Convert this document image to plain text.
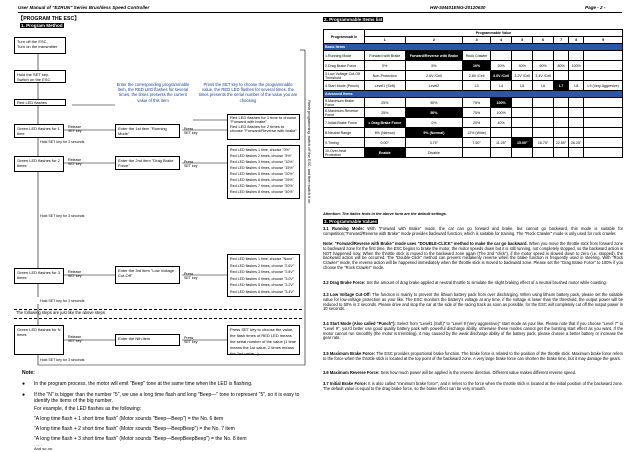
User Manual of "EZRUN" Series Brushless Speed Controller	HW-SM401ENG-20120630	Page - 2 -
【PROGRAM THE ESC】
1. Program Method
Turn off the ESC,
Turn on the transmitter
Hold the SET key,
Switch on the ESC
Red LED flashes
Enter the corresponding programmable item, the RED LED flashes for several times, the times presents the current value of this item
Press the SET key to choose the programmable value, the RED LED flashes for several times, the times presents the serial number of the value you are choosing
Green LED flashes for 1 time
Release SET key
Enter the 1st item "Running Mode"
Press SET key
Red LED flashes for 1 time to choose "Forward with brake"
Red LED flashes for 2 times to choose "Forward/Reverse with brake"
Hold SET key for 3 seconds
Green LED flashes for 2 times
Release SET key
Enter the 2nd item "Drag Brake Force"
Press SET key
Red LED flashes 1 time, choose "0%"
Red LED flashes 2 times, choose "5%"
Red LED flashes 3 times, choose "10%"
Red LED flashes 4 times, choose "15%"
Red LED flashes 5 times, choose "20%"
Red LED flashes 6 times, choose "25%"
Red LED flashes 7 times, choose "30%"
Red LED flashes 8 times, choose "40%"
Hold SET key for 3 seconds
Green LED flashes for 3 times
Release SET key
Enter the 3rd item "Low Voltage Cut-Off"	Press SET key
Red LED flashes 1 time, choose "None"
Red LED flashes 2 times, choose "2.6V"
Red LED flashes 3 times, choose "2.8V"
Red LED flashes 4 times, choose "3.0V"
Red LED flashes 5 times, choose "3.2V"
Red LED flashes 6 times, choose "3.4V"
Hold SET key for 3 seconds
The following steps are just like the above steps
Green LED flashes for N times	Release SET key
Enter the Nth item	Press SET key
Press SET key to choose the value, the flash times of RED LED means the serial number of the value (1 time means the 1st value, 2 times means the 2nd value...)
Hold SET key for 3 seconds
Finish programming, switch off the ESC, and then switch it on
Note:
● In the program process, the motor will emit "Beep" tone at the same time when the LED is flashing.
● If the "N" is bigger than the number "5", we use a long time flash and long "Beep—" tone to represent "5", so it is easy to identify the items of the big number.
For example, if the LED flashes as the following:
"A long time flash + 1 short time flash" (Motor sounds "Beep—Beep") = the No. 6 item
"A long time flash + 2 short time flash" (Motor sounds "Beep—BeepBeep") = the No. 7 item
"A long time flash + 3 short time flash" (Motor sounds "Beep—BeepBeepBeep") = the No. 8 item
……
And so on.
2. Programmable Items list
Programmab le	Programmable Value								
	1	2	3	4	5	6	7	8	9
Basic Items									
1.Running Mode	Forward with Brake	Forward/Reverse with Brake	Rock Crawler						
2.Drag Brake Force	0%	5%	10%	20%	40%	60%	80%	100%	
3.Low Voltage Cut-Off Threshold	Non-Protection	2.6V /Cell	2.8V /Cell	3.0V /Cell	3.2V /Cell	3.4V /Cell			
4.Start Mode (Punch)	Level1 (Soft)	Level2	L3	L4	L5	L6	L7	L8	L9 (Very Aggresive)
Advanced Items									
5.Maximum Brake Force	25%	50%	75%	100%					
6.Maximum Reverse Force	25%	50%	75%	100%					
7.Initial Brake Force	= Drag Brake Force	0%	20%	40%					
8.Neutral Range	6% (Narrow)	9% (Normal)	12% (Wide)						
9.Timing	0.00°	3.75°	7.50°	11.25°	15.00°	18.75°	22.50°	26.25°	
10.Over-heat Protection	Enable	Disable							
Attention: The italics texts in the above form are the default settings.
3. Programmable Values
3.1 Running Mode: With "Forward with Brake" mode, the car can go forward and brake, but cannot go backward, this mode is suitable for competition;"Forward/Reverse with Brake" mode provides backward function, which is suitable for training. The "Rock Crawler" mode is only used for rock crawler.
Note: "Forward/Reverse with Brake" mode uses "DOUBLE-CLICK" method to make the car go backward. When you move the throttle stick from forward zone to backward zone for the first time, the ESC begins to brake the motor, the motor speeds down but it is still running, not completely stopped, so the backward action is NOT happened now. When the throttle stick is moved to the backward zone again (The 2nd "click"), if the motor speed is slowed down to zero (i.e. stopped), the backward action will be occurred. The "Double-Click" method can prevent mistakenly reverse when the brake function is frequently used in steering. With "Rock Crawler" mode, the reverse action will be happened immediately when the throttle stick is moved to backward zone. Please set the "Drag Brake Force" to 100% if you choose the "Rock Crawler" mode.
3.2 Drag Brake Force: Set the amount of drag brake applied at neutral throttle to simulate the slight braking effect of a neutral brushed motor while coasting.
3.3 Low Voltage Cut-Off: The function is mainly to prevent the lithium battery pack from over discharging. When using lithium battery pack, please set the suitable value for low-voltage protection as your like. The ESC monitors the battery's voltage at any time, if the voltage is lower than the threshold, the output power will be reduced to 50% in 2 seconds. Please drive and stop the car at the side of the racing track as soon as possible, for the ESC will completely cut off the output power in 10 seconds.
3.4 Start Mode (Also called "Punch"): Select from "Level1 (Soft)" to "Level 9 (Very aggressive)" start mode as your like. Please note that if you choose "Level 7" to "Level 9", you'd better use good quality battery pack with powerful discharge ability, otherwise these modes cannot get the bursting start effect as you want. If the motor cannot run smoothly (the motor is trembling), it may caused by the weak discharge ability of the battery pack, please choose a better battery or increase the gear rate.
3.5 Maximum Brake Force: The ESC provides proportional brake function. The brake force is related to the position of the throttle stick. Maximum brake force refers to the force when the throttle stick is located at the top point of the backward zone. A very large brake force can shorten the brake time, but it may damage the gears.
3.6 Maximum Reverse Force: Sets how much power will be applied in the reverse direction. Different value makes different reverse speed.
3.7 Initial Brake Force: It is also called "minimum brake force", and it refers to the force when the throttle stick is located at the initial position of the backward zone. The default value is equal to the drag brake force, so the brake effect can be very smooth.
